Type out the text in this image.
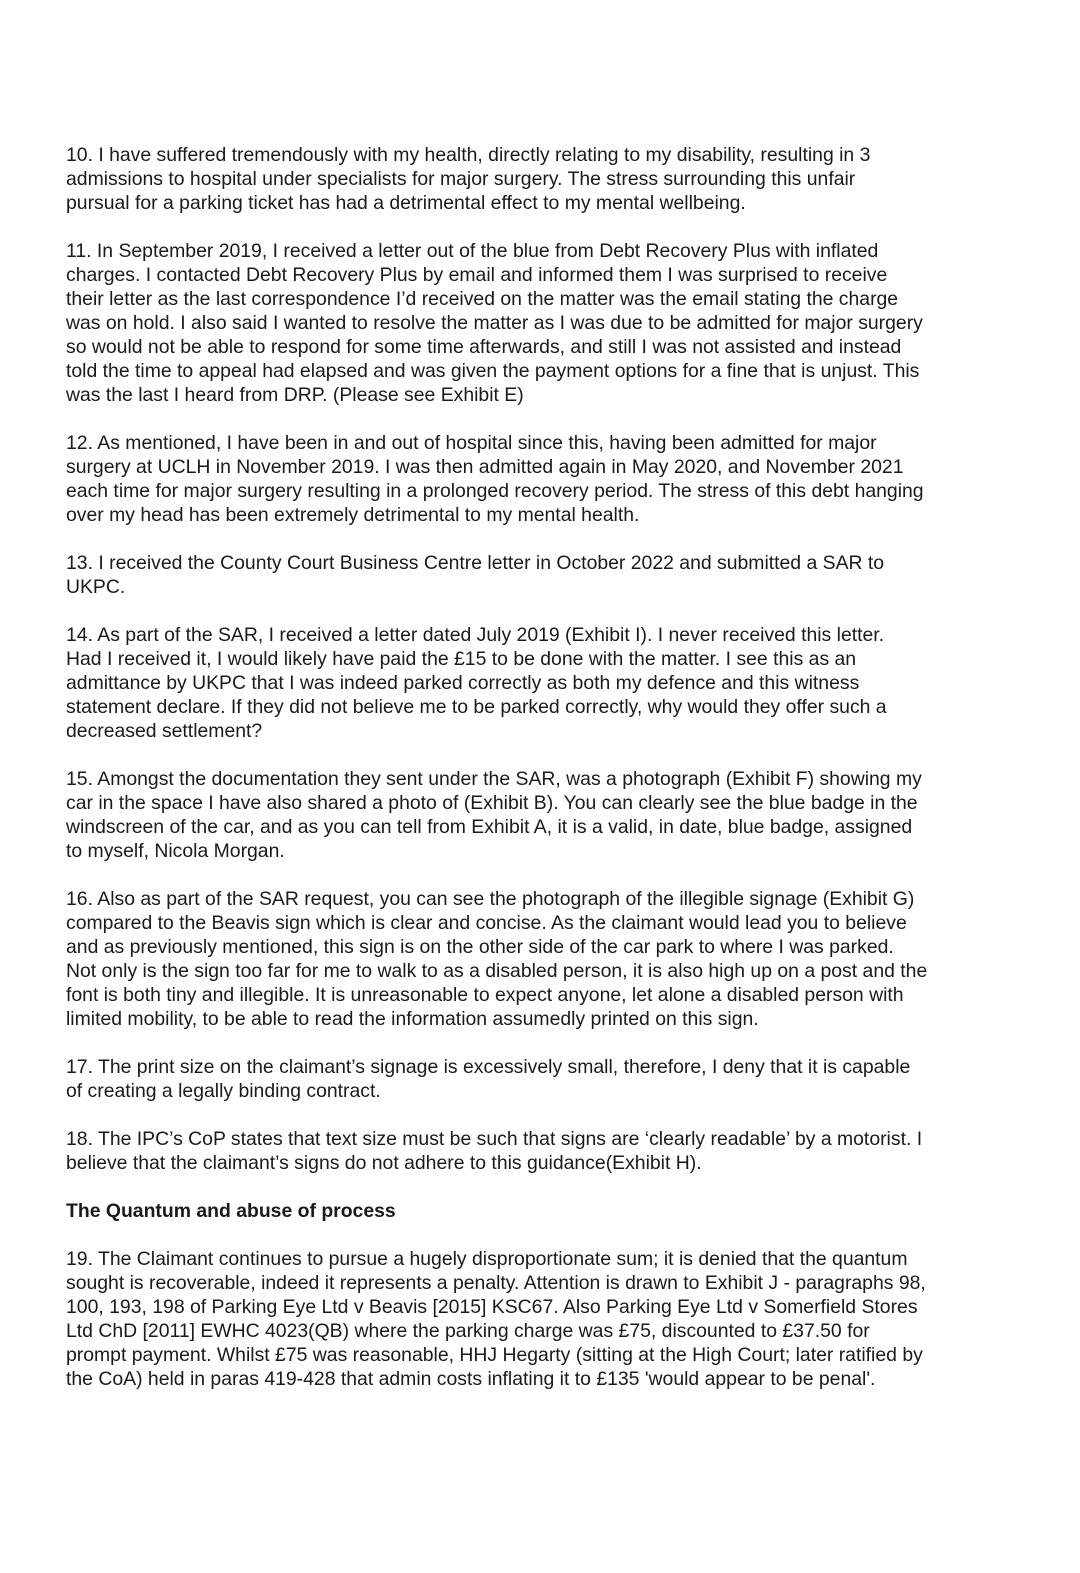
10. I have suffered tremendously with my health, directly relating to my disability, resulting in 3
admissions to hospital under specialists for major surgery. The stress surrounding this unfair
pursual for a parking ticket has had a detrimental effect to my mental wellbeing.

11. In September 2019, I received a letter out of the blue from Debt Recovery Plus with inflated
charges. I contacted Debt Recovery Plus by email and informed them I was surprised to receive
their letter as the last correspondence I’d received on the matter was the email stating the charge
was on hold. I also said I wanted to resolve the matter as I was due to be admitted for major surgery
so would not be able to respond for some time afterwards, and still I was not assisted and instead
told the time to appeal had elapsed and was given the payment options for a fine that is unjust. This
was the last I heard from DRP. (Please see Exhibit E)

12. As mentioned, I have been in and out of hospital since this, having been admitted for major
surgery at UCLH in November 2019. I was then admitted again in May 2020, and November 2021
each time for major surgery resulting in a prolonged recovery period. The stress of this debt hanging
over my head has been extremely detrimental to my mental health.

13. I received the County Court Business Centre letter in October 2022 and submitted a SAR to
UKPC.

14. As part of the SAR, I received a letter dated July 2019 (Exhibit I). I never received this letter.
Had I received it, I would likely have paid the £15 to be done with the matter. I see this as an
admittance by UKPC that I was indeed parked correctly as both my defence and this witness
statement declare. If they did not believe me to be parked correctly, why would they offer such a
decreased settlement?

15. Amongst the documentation they sent under the SAR, was a photograph (Exhibit F) showing my
car in the space I have also shared a photo of (Exhibit B). You can clearly see the blue badge in the
windscreen of the car, and as you can tell from Exhibit A, it is a valid, in date, blue badge, assigned
to myself, Nicola Morgan.

16. Also as part of the SAR request, you can see the photograph of the illegible signage (Exhibit G)
compared to the Beavis sign which is clear and concise. As the claimant would lead you to believe
and as previously mentioned, this sign is on the other side of the car park to where I was parked.
Not only is the sign too far for me to walk to as a disabled person, it is also high up on a post and the
font is both tiny and illegible. It is unreasonable to expect anyone, let alone a disabled person with
limited mobility, to be able to read the information assumedly printed on this sign.

17. The print size on the claimant’s signage is excessively small, therefore, I deny that it is capable
of creating a legally binding contract.

18. The IPC’s CoP states that text size must be such that signs are ‘clearly readable’ by a motorist. I
believe that the claimant’s signs do not adhere to this guidance(Exhibit H).

The Quantum and abuse of process

19. The Claimant continues to pursue a hugely disproportionate sum; it is denied that the quantum
sought is recoverable, indeed it represents a penalty. Attention is drawn to Exhibit J - paragraphs 98,
100, 193, 198 of Parking Eye Ltd v Beavis [2015] KSC67. Also Parking Eye Ltd v Somerfield Stores
Ltd ChD [2011] EWHC 4023(QB) where the parking charge was £75, discounted to £37.50 for
prompt payment. Whilst £75 was reasonable, HHJ Hegarty (sitting at the High Court; later ratified by
the CoA) held in paras 419-428 that admin costs inflating it to £135 'would appear to be penal'.
